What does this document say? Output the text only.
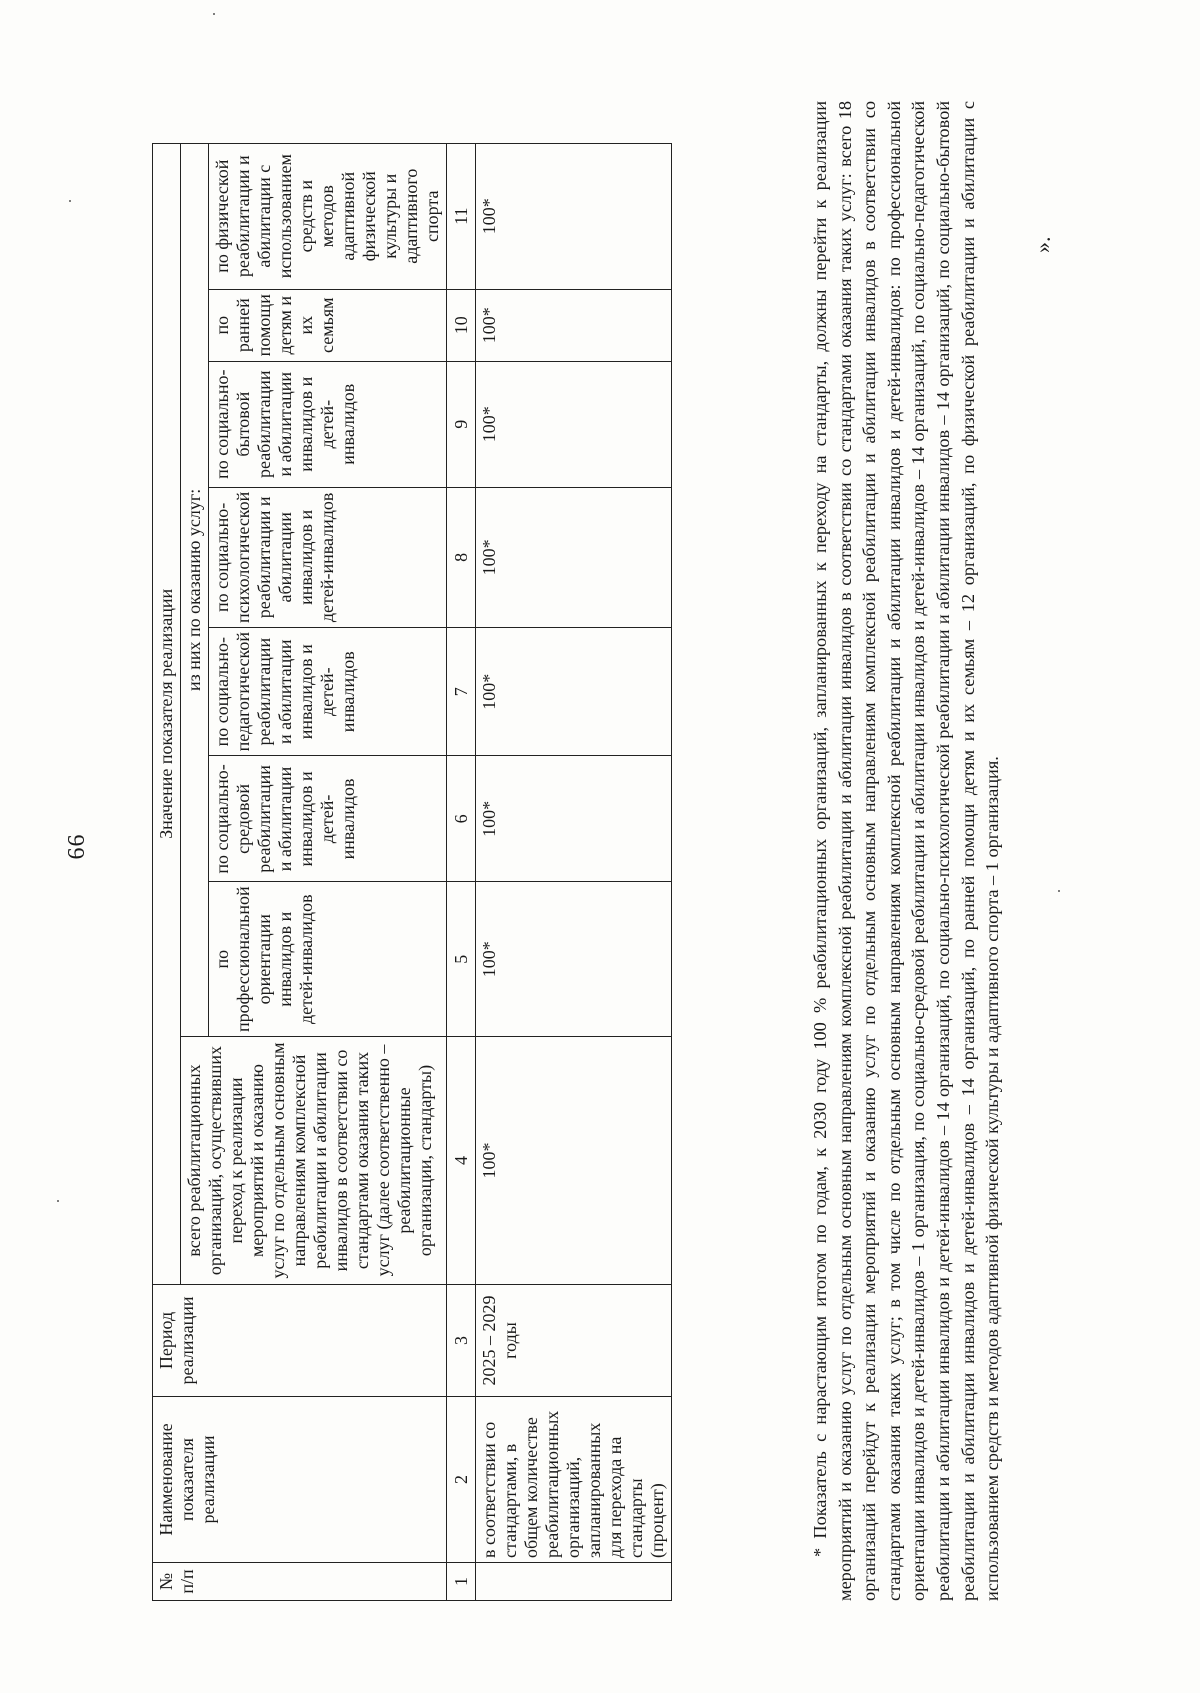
66
№ п/п	Наименование показателя реализации	Период реализации	Значение показателя реализации							
			всего реабилитационных организаций, осуществивших переход к реализации мероприятий и оказанию услуг по отдельным основным направлениям комплексной реабилитации и абилитации инвалидов в соответствии со стандартами оказания таких услуг (далее соответственно – реабилитационные организации, стандарты)	из них по оказанию услуг:						
				по профессиональной ориентации инвалидов и детей-инвалидов	по социально-средовой реабилитации и абилитации инвалидов и детей-инвалидов	по социально-педагогической реабилитации и абилитации инвалидов и детей-инвалидов	по социально-психологической реабилитации и абилитации инвалидов и детей-инвалидов	по социально-бытовой реабилитации и абилитации инвалидов и детей-инвалидов	по ранней помощи детям и их семьям	по физической реабилитации и абилитации с использованием средств и методов адаптивной физической культуры и адаптивного спорта
1	2	3	4	5	6	7	8	9	10	11
	в соответствии со стандартами, в общем количестве реабилитационных организаций, запланированных для перехода на стандарты (процент)	2025 – 2029 годы	100*	100*	100*	100*	100*	100*	100*	100*	* Показатель с нарастающим итогом по годам, к 2030 году 100 % реабилитационных организаций, запланированных к переходу на стандарты, должны перейти к реализации мероприятий и оказанию услуг по отдельным основным направлениям комплексной реабилитации и абилитации инвалидов в соответствии со стандартами оказания таких услуг: всего 18 организаций перейдут к реализации мероприятий и оказанию услуг по отдельным основным направлениям комплексной реабилитации и абилитации инвалидов в соответствии со стандартами оказания таких услуг; в том числе по отдельным основным направлениям комплексной реабилитации и абилитации инвалидов и детей-инвалидов: по профессиональной ориентации инвалидов и детей-инвалидов – 1 организация, по социально-средовой реабилитации и абилитации инвалидов и детей-инвалидов – 14 организаций, по социально-педагогической реабилитации и абилитации инвалидов и детей-инвалидов – 14 организаций, по социально-психологической реабилитации и абилитации инвалидов – 14 организаций, по социально-бытовой реабилитации и абилитации инвалидов и детей-инвалидов – 14 организаций, по ранней помощи детям и их семьям – 12 организаций, по физической реабилитации и абилитации с использованием средств и методов адаптивной физической культуры и адаптивного спорта – 1 организация.
».
